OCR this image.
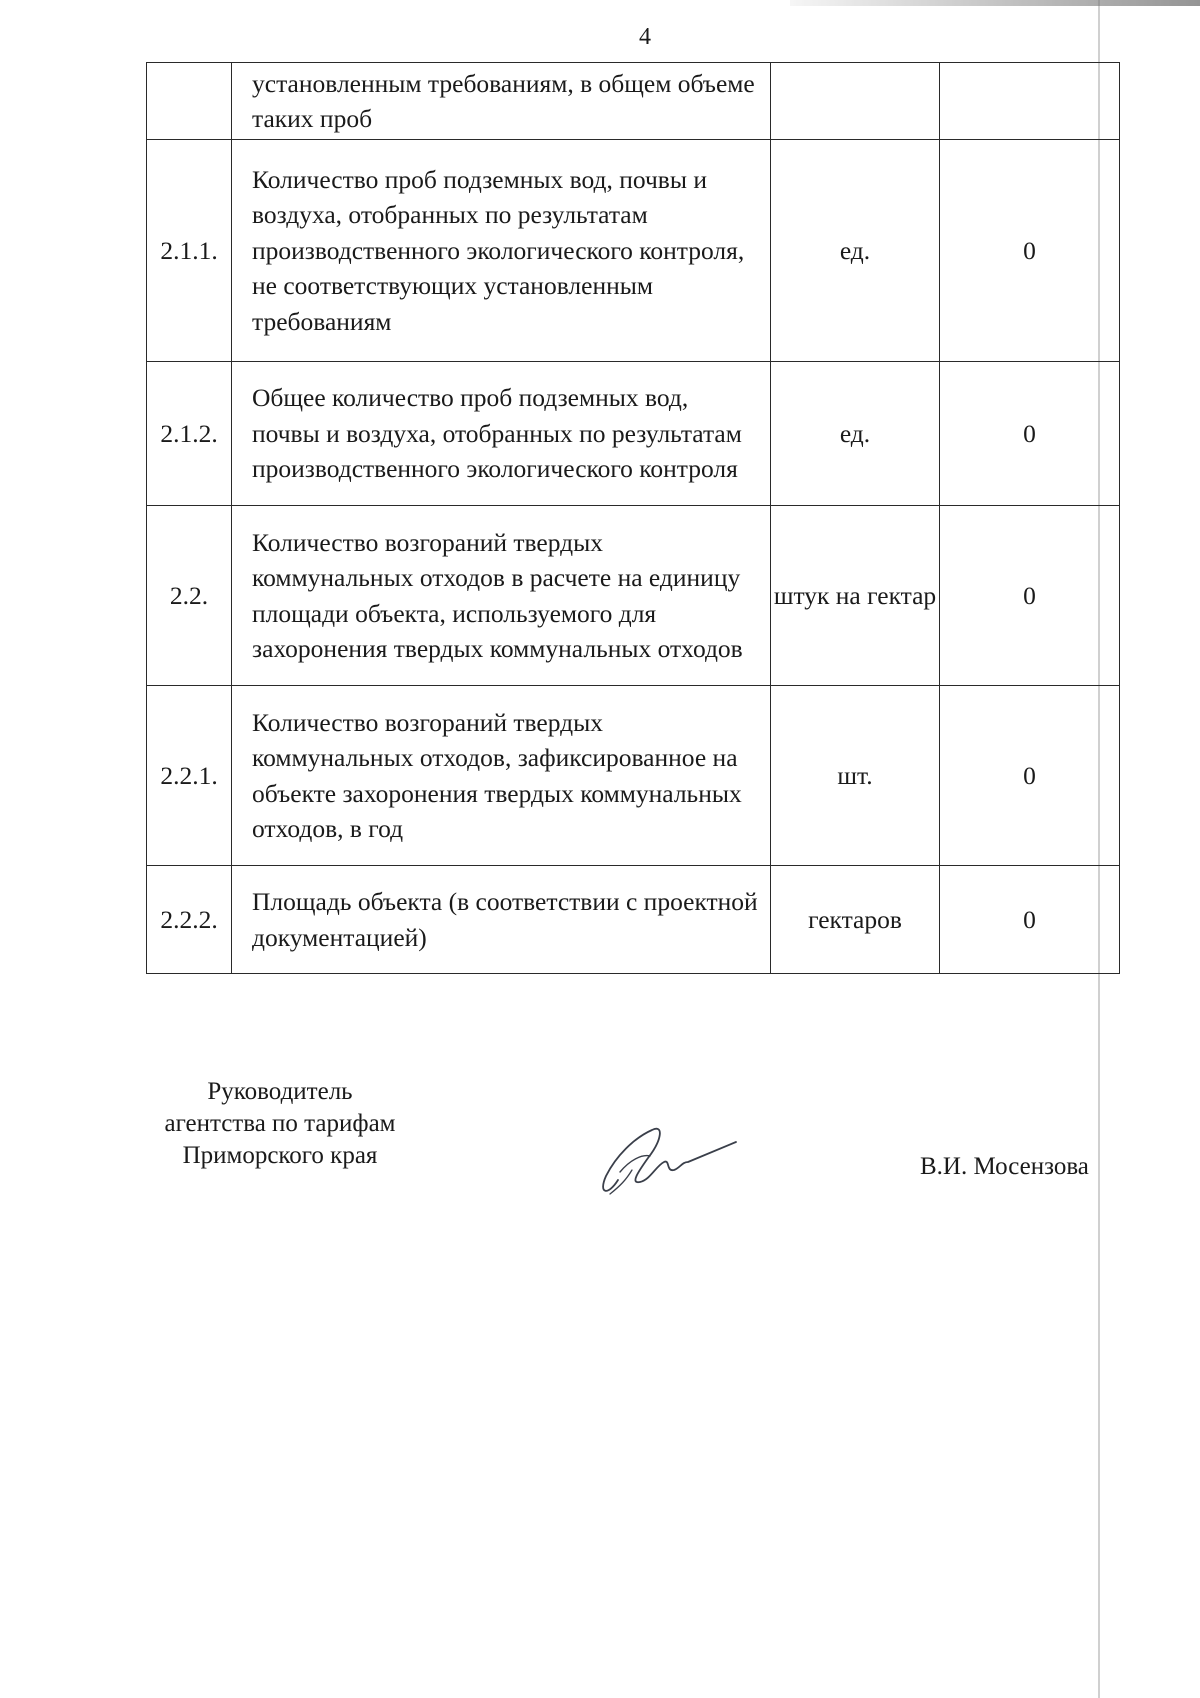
4
	установленным требованиям, в общем объеме таких проб		
2.1.1.	Количество проб подземных вод, почвы и воздуха, отобранных по результатам производственного экологического контроля, не соответствующих установленным требованиям	ед.	0
2.1.2.	Общее количество проб подземных вод, почвы и воздуха, отобранных по результатам производственного экологического контроля	ед.	0
2.2.	Количество возгораний твердых коммунальных отходов в расчете на единицу площади объекта, используемого для захоронения твердых коммунальных отходов	штук на гектар	0
2.2.1.	Количество возгораний твердых коммунальных отходов, зафиксированное на объекте захоронения твердых коммунальных отходов, в год	шт.	0
2.2.2.	Площадь объекта (в соответствии с проектной документацией)	гектаров	0
Руководитель
агентства по тарифам
Приморского края	В.И. Мосензова
